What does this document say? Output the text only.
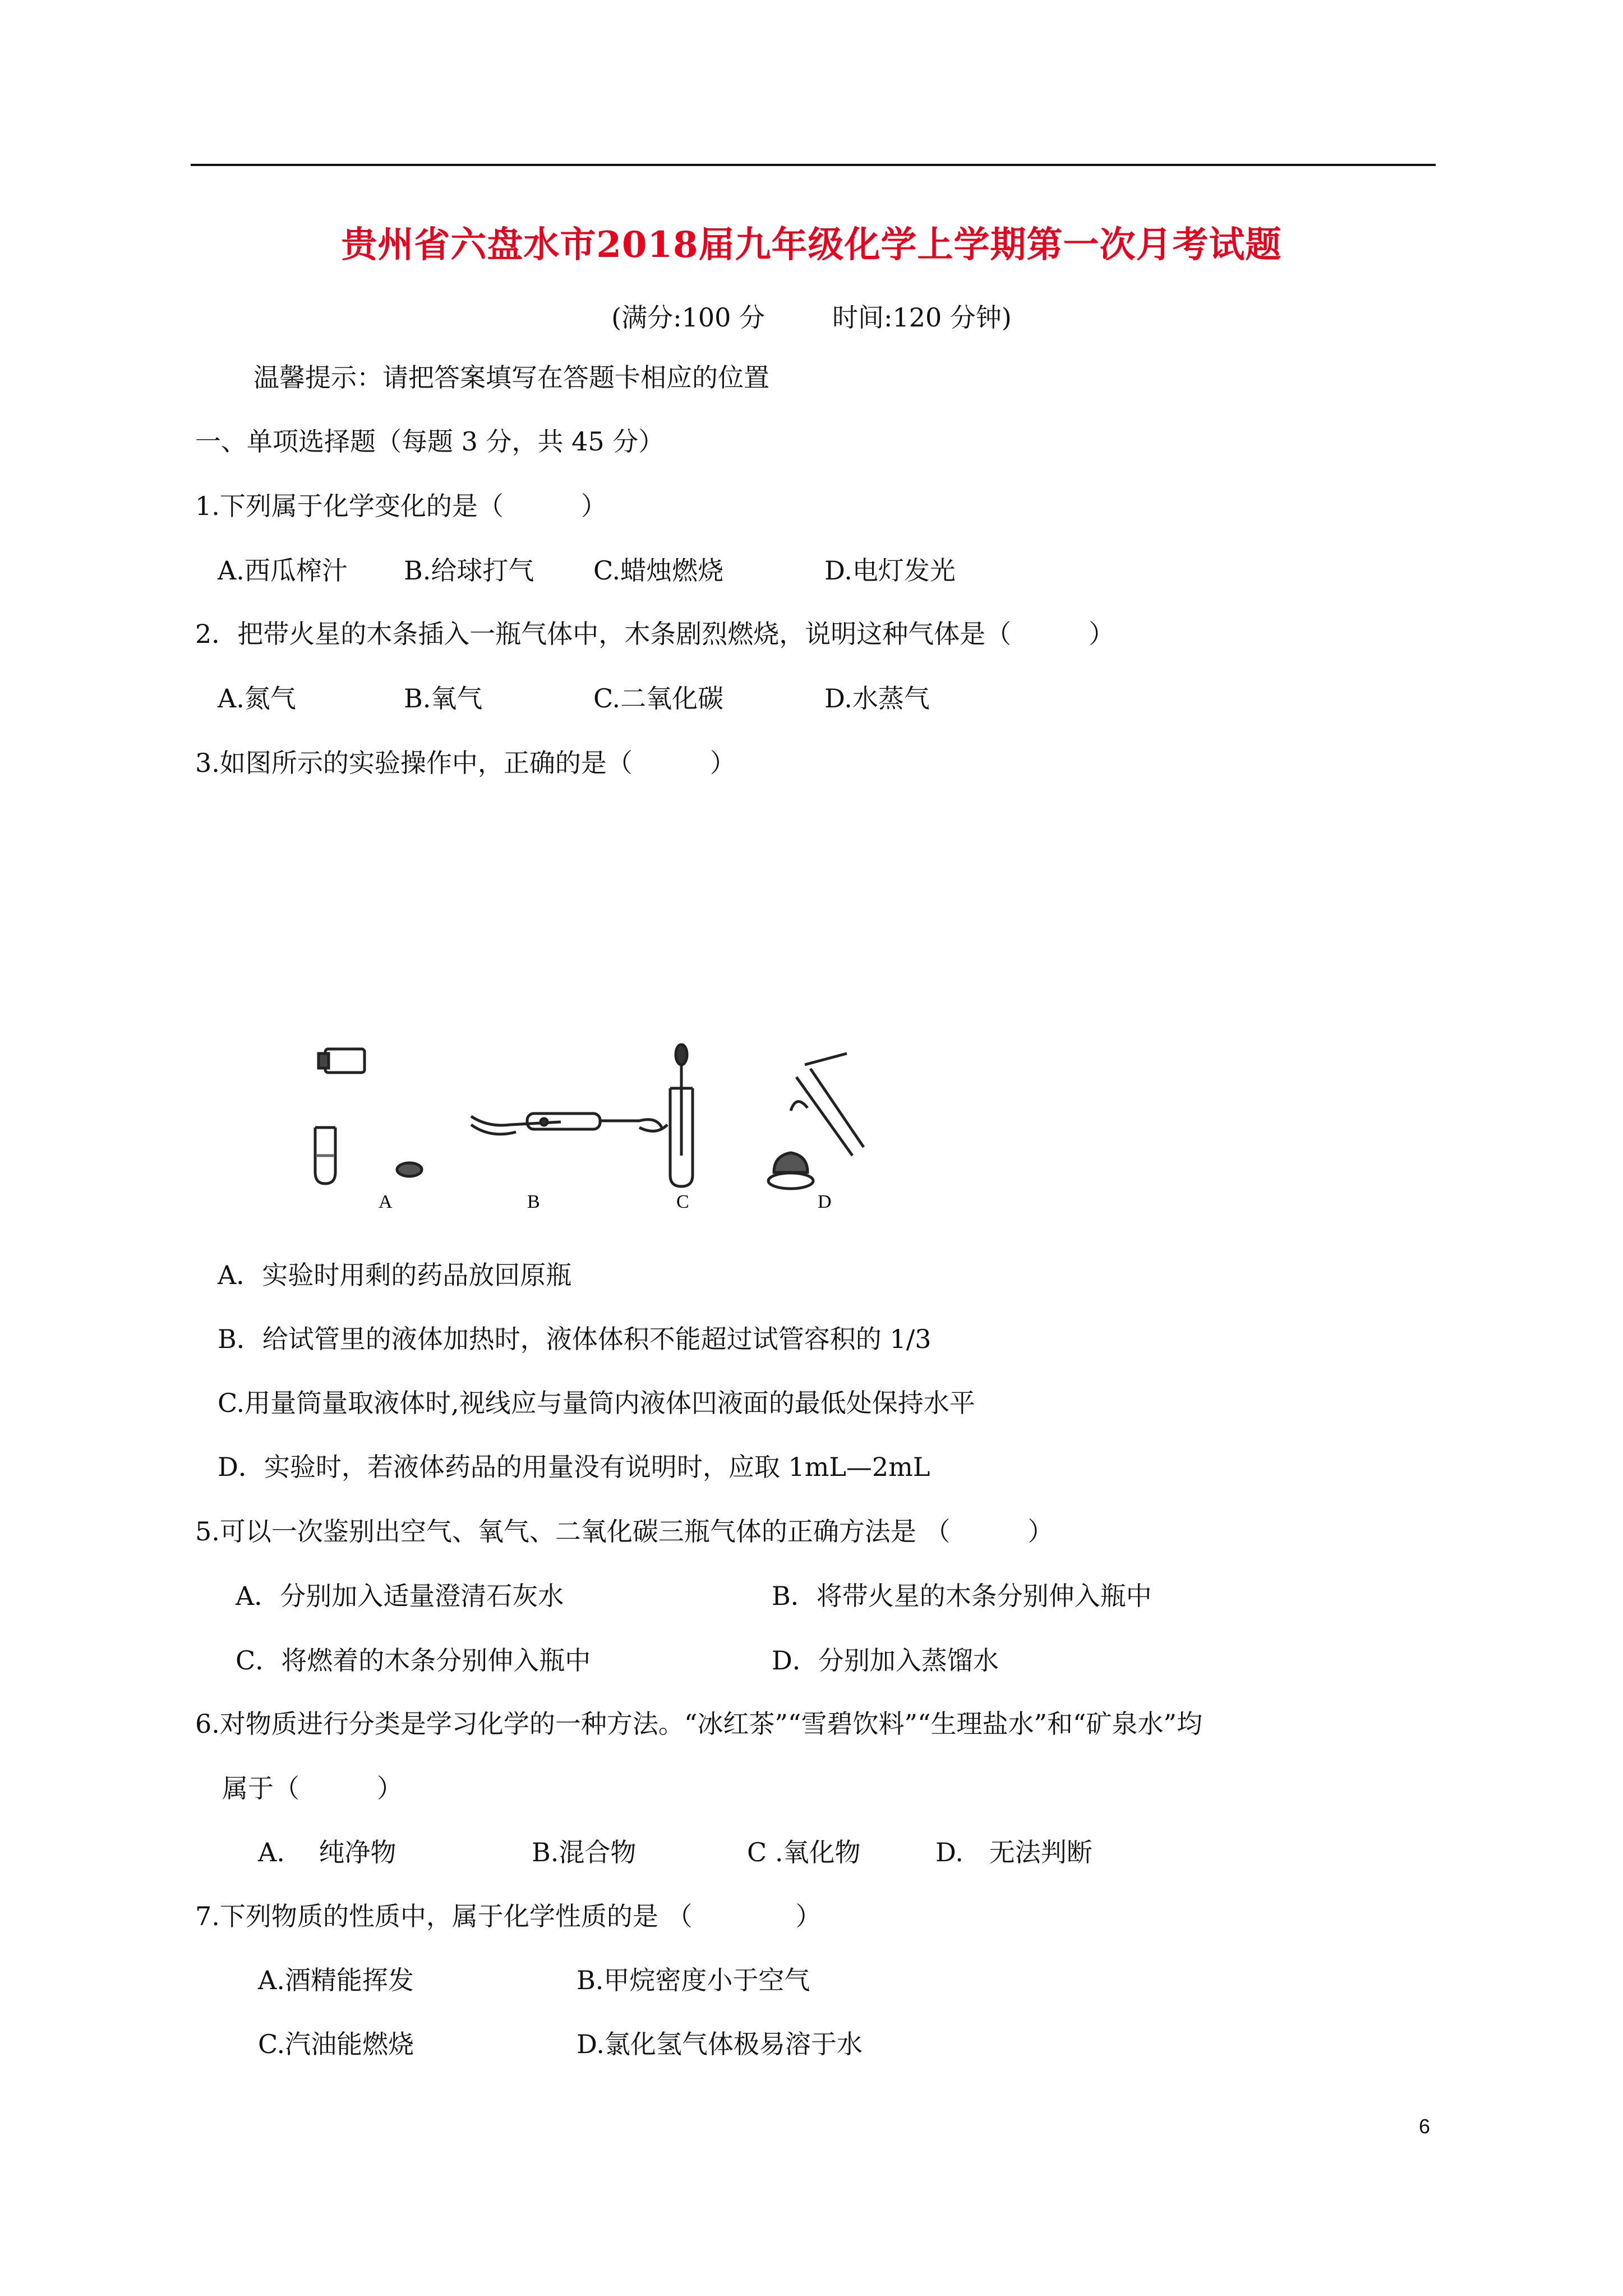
贵州省六盘水市2018届九年级化学上学期第一次月考试题
(满分:100 分	时间:120 分钟)
温馨提示：请把答案填写在答题卡相应的位置
一、单项选择题（每题 3 分，共 45 分）
1.下列属于化学变化的是（　　　）
A.西瓜榨汁 B.给球打气 C.蜡烛燃烧	D.电灯发光
2．把带火星的木条插入一瓶气体中，木条剧烈燃烧，说明这种气体是（　　　）
A.氮气	B.氧气	C.二氧化碳	D.水蒸气
3.如图所示的实验操作中，正确的是（　　　）
A	B	C	D
A．实验时用剩的药品放回原瓶
B．给试管里的液体加热时，液体体积不能超过试管容积的 1/3
C.用量筒量取液体时,视线应与量筒内液体凹液面的最低处保持水平
D．实验时，若液体药品的用量没有说明时，应取 1mL—2mL
5.可以一次鉴别出空气、氧气、二氧化碳三瓶气体的正确方法是 （　　　）
A．分别加入适量澄清石灰水	B．将带火星的木条分别伸入瓶中
C．将燃着的木条分别伸入瓶中	D．分别加入蒸馏水
6.对物质进行分类是学习化学的一种方法。“冰红茶”“雪碧饮料”“生理盐水”和“矿泉水”均
属于（　　　）
A.　 纯净物	B.混合物	C .氧化物	D.　无法判断
7.下列物质的性质中，属于化学性质的是 （　　　　）
A.酒精能挥发	B.甲烷密度小于空气
C.汽油能燃烧	D.氯化氢气体极易溶于水
6
